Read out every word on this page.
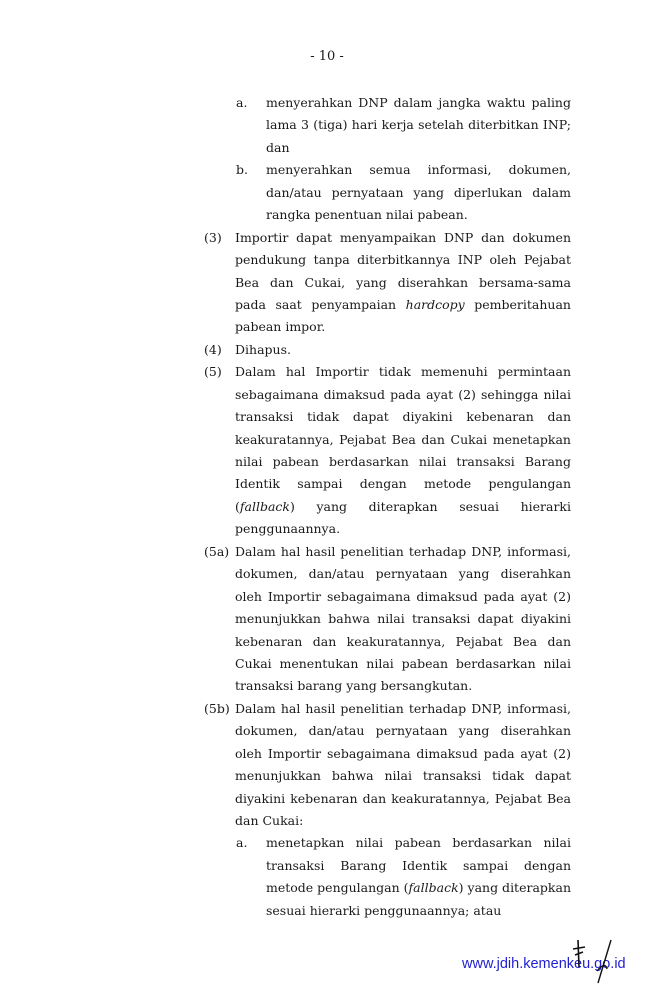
- 10 -
a. menyerahkan DNP dalam jangka waktu paling
lama 3 (tiga) hari kerja setelah diterbitkan INP;
dan
b. menyerahkan semua informasi, dokumen,
dan/atau pernyataan yang diperlukan dalam
rangka penentuan nilai pabean.
(3) Importir dapat menyampaikan DNP dan dokumen
pendukung tanpa diterbitkannya INP oleh Pejabat
Bea dan Cukai, yang diserahkan bersama-sama
pada saat penyampaian hardcopy pemberitahuan
pabean impor.
(4) Dihapus.
(5) Dalam hal Importir tidak memenuhi permintaan
sebagaimana dimaksud pada ayat (2) sehingga nilai
transaksi tidak dapat diyakini kebenaran dan
keakuratannya, Pejabat Bea dan Cukai menetapkan
nilai pabean berdasarkan nilai transaksi Barang
Identik sampai dengan metode pengulangan
(fallback) yang diterapkan sesuai hierarki
penggunaannya.
(5a) Dalam hal hasil penelitian terhadap DNP, informasi,
dokumen, dan/atau pernyataan yang diserahkan
oleh Importir sebagaimana dimaksud pada ayat (2)
menunjukkan bahwa nilai transaksi dapat diyakini
kebenaran dan keakuratannya, Pejabat Bea dan
Cukai menentukan nilai pabean berdasarkan nilai
transaksi barang yang bersangkutan.
(5b) Dalam hal hasil penelitian terhadap DNP, informasi,
dokumen, dan/atau pernyataan yang diserahkan
oleh Importir sebagaimana dimaksud pada ayat (2)
menunjukkan bahwa nilai transaksi tidak dapat
diyakini kebenaran dan keakuratannya, Pejabat Bea
dan Cukai:
a. menetapkan nilai pabean berdasarkan nilai
transaksi Barang Identik sampai dengan
metode pengulangan (fallback) yang diterapkan
sesuai hierarki penggunaannya; atau
www.jdih.kemenkeu.go.id
